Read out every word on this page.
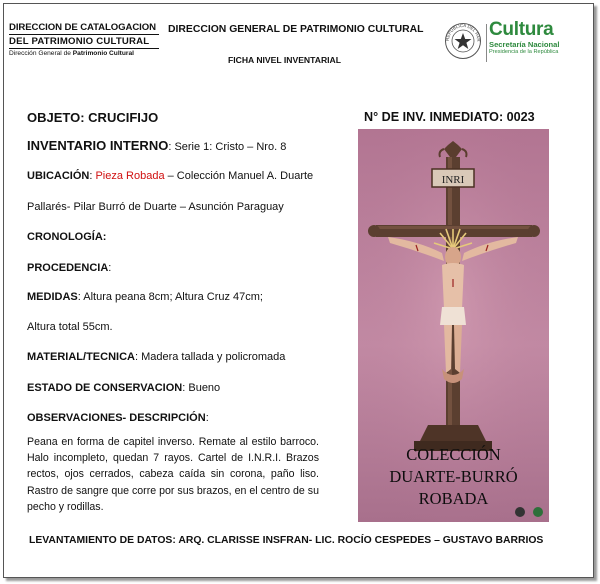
DIRECCION DE CATALOGACION
DEL PATRIMONIO CULTURAL
Dirección General de Patrimonio Cultural
DIRECCION GENERAL DE PATRIMONIO CULTURAL
FICHA NIVEL INVENTARIAL
REPÚBLICA DEL PAR Cultura
Secretaría Nacional
Presidencia de la República
OBJETO: CRUCIFIJO	N° DE INV. INMEDIATO: 0023
INVENTARIO INTERNO: Serie 1: Cristo – Nro. 8
UBICACIÓN: Pieza Robada – Colección Manuel A. Duarte
Pallarés- Pilar Burró de Duarte – Asunción Paraguay
CRONOLOGÍA:
PROCEDENCIA:
MEDIDAS: Altura peana 8cm; Altura Cruz 47cm;
Altura total 55cm.
MATERIAL/TECNICA: Madera tallada y policromada
ESTADO DE CONSERVACION: Bueno
OBSERVACIONES- DESCRIPCIÓN:
Peana en forma de capitel inverso. Remate al estilo barroco. Halo incompleto, quedan 7 rayos. Cartel de I.N.R.I. Brazos rectos, ojos cerrados, cabeza caída sin corona, paño liso. Rastro de sangre que corre por sus brazos, en el centro de su pecho y rodillas.
INRI
COLECCIÓN
DUARTE-BURRÓ
ROBADA
LEVANTAMIENTO DE DATOS: ARQ. CLARISSE INSFRAN- LIC. ROCÍO CESPEDES – GUSTAVO BARRIOS
